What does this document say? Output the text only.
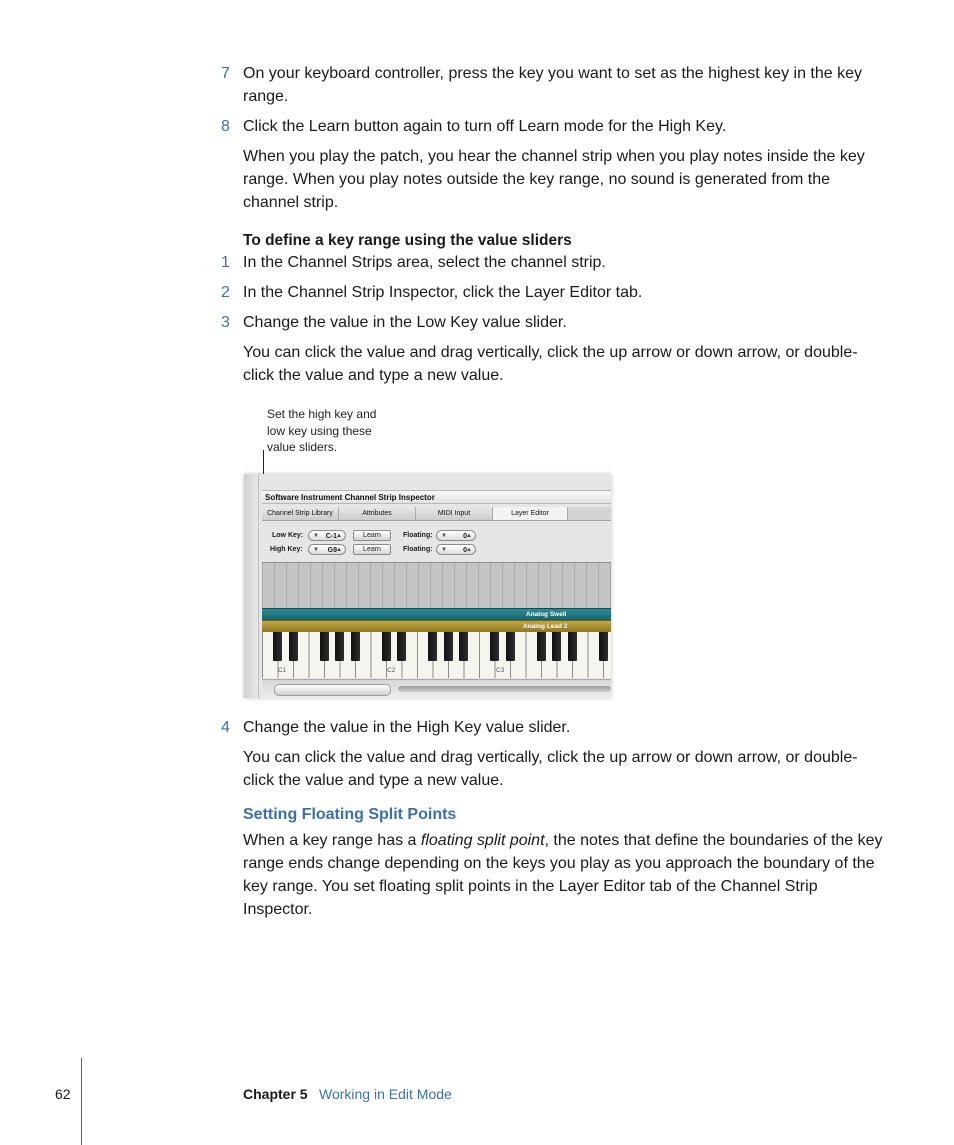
7 On your keyboard controller, press the key you want to set as the highest key in the key range.
8 Click the Learn button again to turn off Learn mode for the High Key.
When you play the patch, you hear the channel strip when you play notes inside the key range. When you play notes outside the key range, no sound is generated from the channel strip.
To define a key range using the value sliders
1 In the Channel Strips area, select the channel strip.
2 In the Channel Strip Inspector, click the Layer Editor tab.
3 Change the value in the Low Key value slider.
You can click the value and drag vertically, click the up arrow or down arrow, or double-click the value and type a new value.
Set the high key and low key using these value sliders.
Software Instrument Channel Strip Inspector
Channel Strip Library	Attributes	MIDI Input	Layer Editor
Low Key: ▼ C-1 ▲	Learn	Floating: ▼ 0 ▲
High Key: ▼ G9 ▲	Learn	Floating: ▼ 0 ▲
Analog Swell
Analog Lead 2
C1	C2	C3
4 Change the value in the High Key value slider.
You can click the value and drag vertically, click the up arrow or down arrow, or double-click the value and type a new value.
Setting Floating Split Points
When a key range has a floating split point, the notes that define the boundaries of the key range ends change depending on the keys you play as you approach the boundary of the key range. You set floating split points in the Layer Editor tab of the Channel Strip Inspector.
62	Chapter 5 Working in Edit Mode
